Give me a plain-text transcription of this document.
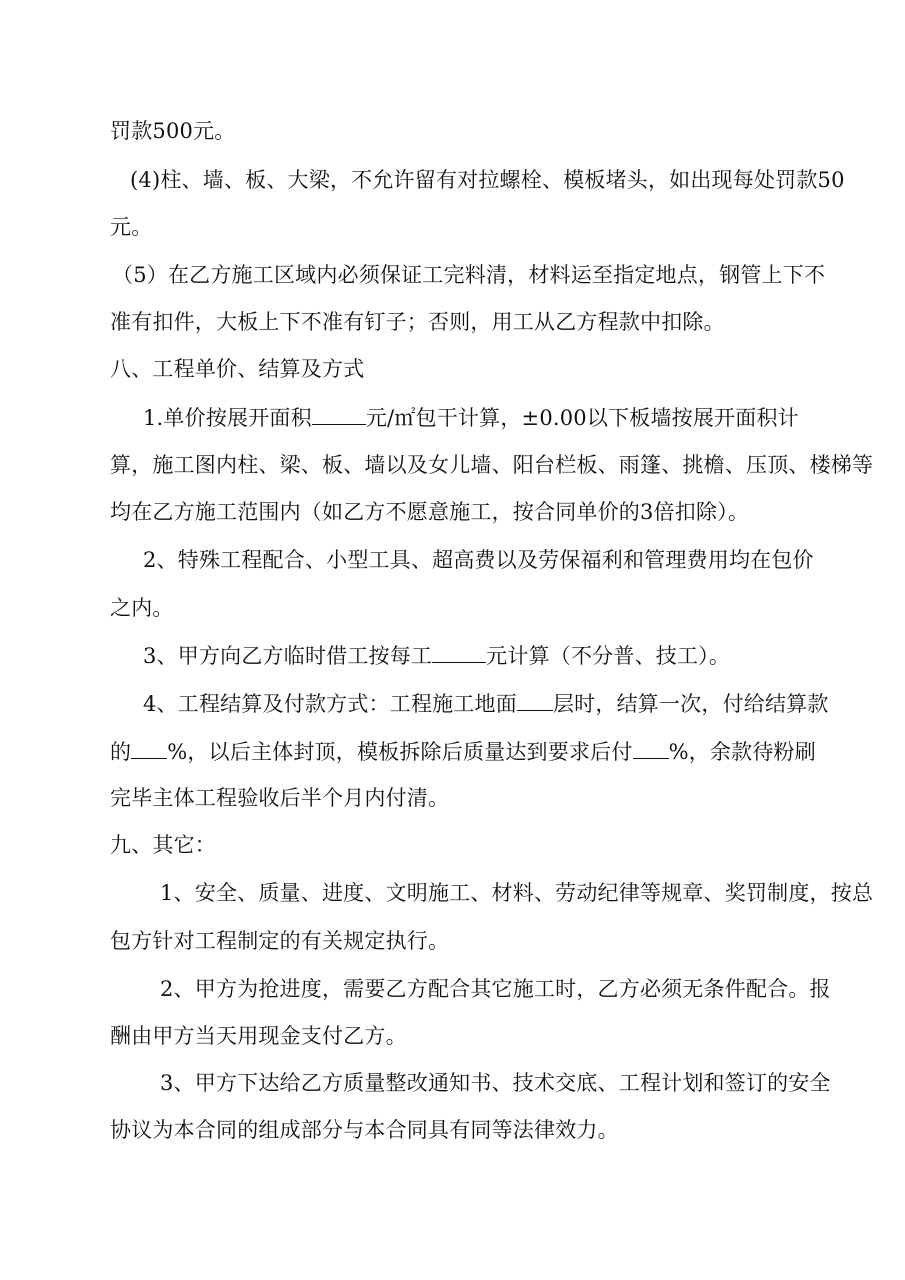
罚款500元。
(4)柱、墙、板、大梁，不允许留有对拉螺栓、模板堵头，如出现每处罚款50
元。
（5）在乙方施工区域内必须保证工完料清，材料运至指定地点，钢管上下不
准有扣件，大板上下不准有钉子；否则，用工从乙方程款中扣除。
八、工程单价、结算及方式
1.单价按展开面积	元/㎡包干计算，±0.00以下板墙按展开面积计
算，施工图内柱、梁、板、墙以及女儿墙、阳台栏板、雨篷、挑檐、压顶、楼梯等
均在乙方施工范围内（如乙方不愿意施工，按合同单价的3倍扣除）。
2、特殊工程配合、小型工具、超高费以及劳保福利和管理费用均在包价
之内。
3、甲方向乙方临时借工按每工	元计算（不分普、技工）。
4、工程结算及付款方式：工程施工地面 层时，结算一次，付给结算款
的 %，以后主体封顶，模板拆除后质量达到要求后付 %，余款待粉刷
完毕主体工程验收后半个月内付清。
九、其它：
1、安全、质量、进度、文明施工、材料、劳动纪律等规章、奖罚制度，按总
包方针对工程制定的有关规定执行。
2、甲方为抢进度，需要乙方配合其它施工时，乙方必须无条件配合。报
酬由甲方当天用现金支付乙方。
3、甲方下达给乙方质量整改通知书、技术交底、工程计划和签订的安全
协议为本合同的组成部分与本合同具有同等法律效力。
